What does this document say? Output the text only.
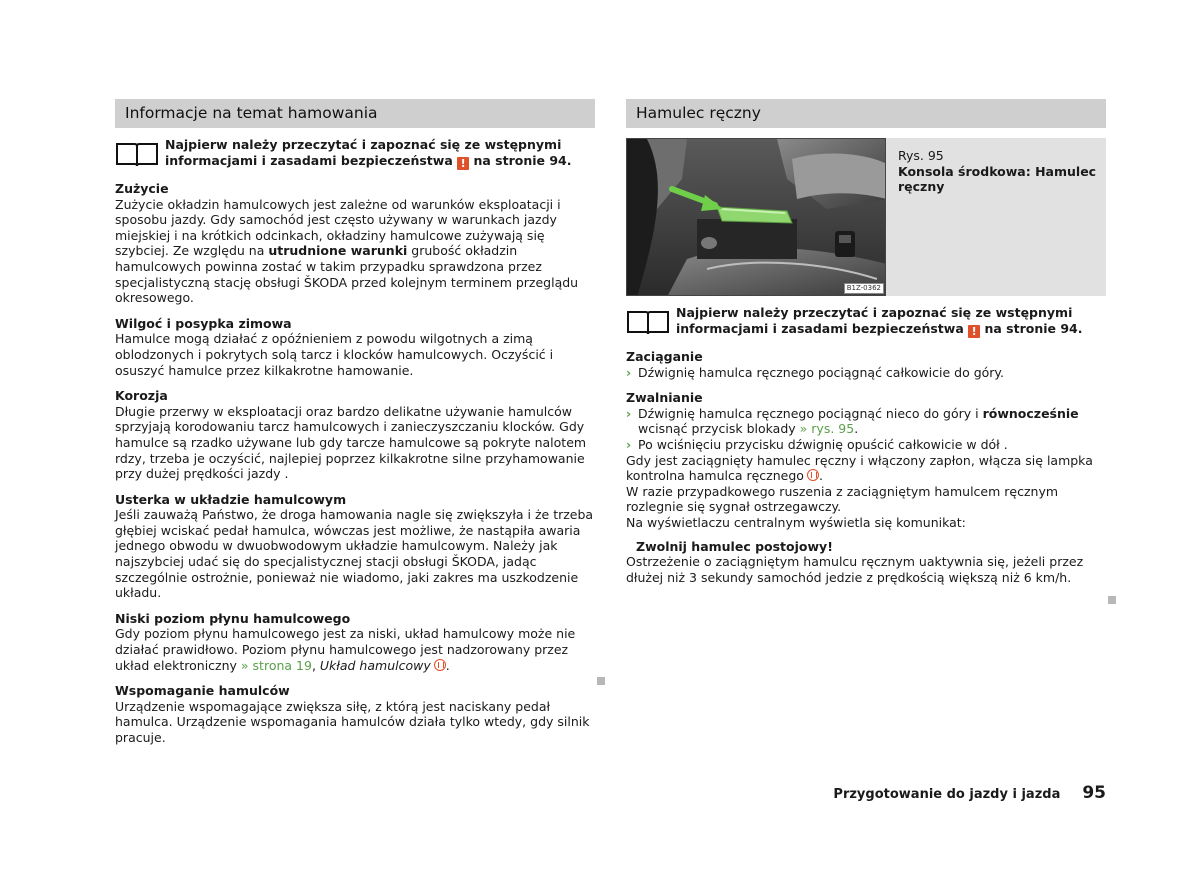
Informacje na temat hamowania
Najpierw należy przeczytać i zapoznać się ze wstępnymi informacjami i zasadami bezpieczeństwa ! na stronie 94.
Zużycie

Zużycie okładzin hamulcowych jest zależne od warunków eksploatacji i sposobu jazdy. Gdy samochód jest często używany w warunkach jazdy miejskiej i na krótkich odcinkach, okładziny hamulcowe zużywają się szybciej. Ze względu na utrudnione warunki grubość okładzin hamulcowych powinna zostać w takim przypadku sprawdzona przez specjalistyczną stację obsługi ŠKODA przed kolejnym terminem przeglądu okresowego.

Wilgoć i posypka zimowa

Hamulce mogą działać z opóźnieniem z powodu wilgotnych a zimą oblodzonych i pokrytych solą tarcz i klocków hamulcowych. Oczyścić i osuszyć hamulce przez kilkakrotne hamowanie.

Korozja

Długie przerwy w eksploatacji oraz bardzo delikatne używanie hamulców sprzyjają korodowaniu tarcz hamulcowych i zanieczyszczaniu klocków. Gdy hamulce są rzadko używane lub gdy tarcze hamulcowe są pokryte nalotem rdzy, trzeba je oczyścić, najlepiej poprzez kilkakrotne silne przyhamowanie przy dużej prędkości jazdy .

Usterka w układzie hamulcowym

Jeśli zauważą Państwo, że droga hamowania nagle się zwiększyła i że trzeba głębiej wciskać pedał hamulca, wówczas jest możliwe, że nastąpiła awaria jednego obwodu w dwuobwodowym układzie hamulcowym. Należy jak najszybciej udać się do specjalistycznej stacji obsługi ŠKODA, jadąc szczególnie ostrożnie, ponieważ nie wiadomo, jaki zakres ma uszkodzenie układu.

Niski poziom płynu hamulcowego

Gdy poziom płynu hamulcowego jest za niski, układ hamulcowy może nie działać prawidłowo. Poziom płynu hamulcowego jest nadzorowany przez układ elektroniczny » strona 19, Układ hamulcowy .

Wspomaganie hamulców

Urządzenie wspomagające zwiększa siłę, z którą jest naciskany pedał hamulca. Urządzenie wspomagania hamulców działa tylko wtedy, gdy silnik pracuje.

Hamulec ręczny
B1Z-0362
Rys. 95
Konsola środkowa: Hamulec ręczny
Najpierw należy przeczytać i zapoznać się ze wstępnymi informacjami i zasadami bezpieczeństwa ! na stronie 94.
Zaciąganie
› Dźwignię hamulca ręcznego pociągnąć całkowicie do góry.
Zwalnianie
› Dźwignię hamulca ręcznego pociągnąć nieco do góry i równocześnie wcisnąć przycisk blokady » rys. 95.
› Po wciśnięciu przycisku dźwignię opuścić całkowicie w dół .

Gdy jest zaciągnięty hamulec ręczny i włączony zapłon, włącza się lampka kontrolna hamulca ręcznego .

W razie przypadkowego ruszenia z zaciągniętym hamulcem ręcznym rozlegnie się sygnał ostrzegawczy.

Na wyświetlaczu centralnym wyświetla się komunikat:

Zwolnij hamulec postojowy!

Ostrzeżenie o zaciągniętym hamulcu ręcznym uaktywnia się, jeżeli przez dłużej niż 3 sekundy samochód jedzie z prędkością większą niż 6 km/h.

Przygotowanie do jazdy i jazda 95
